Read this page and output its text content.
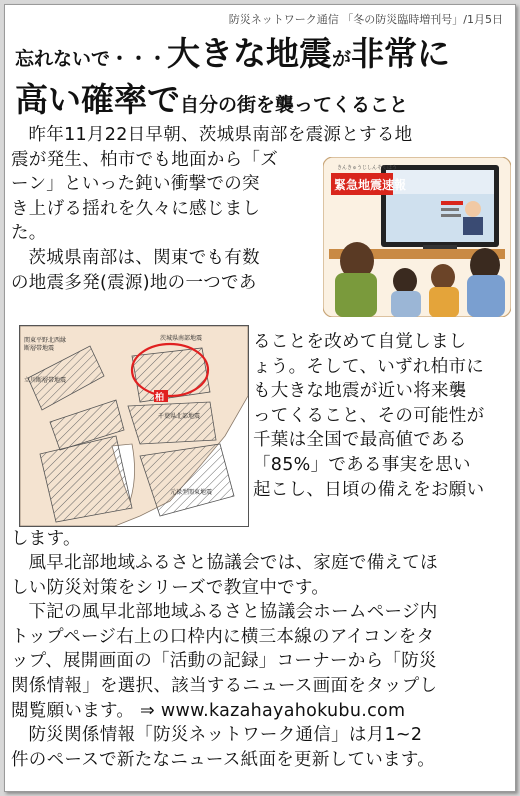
防災ネットワーク通信 「冬の防災臨時増刊号」/1月5日
忘れないで・・・大きな地震が非常に
高い確率で自分の街を襲ってくること
昨年11月22日早朝、茨城県南部を震源とする地
震が発生、柏市でも地面から「ズ
ーン」といった鈍い衝撃での突
き上げる揺れを久々に感じまし
た。
茨城県南部は、関東でも有数
の地震多発(震源)地の一つであ
きんきゅうじしんそくほう
緊急地震速報
柏
関東平野北西縁
断層帯地震
立川断層帯地震
茨城県南部地震
千葉県北部地震
元禄型関東地震
ることを改めて自覚しまし
ょう。そして、いずれ柏市に
も大きな地震が近い将来襲
ってくること、その可能性が
千葉は全国で最高値である
「85%」である事実を思い
起こし、日頃の備えをお願い
します。

風早北部地域ふるさと協議会では、家庭で備えてほ
しい防災対策をシリーズで教宣中です。

下記の風早北部地域ふるさと協議会ホームページ内
トップページ右上の口枠内に横三本線のアイコンをタ
ップ、展開画面の「活動の記録」コーナーから「防災
関係情報」を選択、該当するニュース画面をタップし
閲覧願います。 ⇒ www.kazahayahokubu.com

防災関係情報「防災ネットワーク通信」は月1~2
件のペースで新たなニュース紙面を更新しています。
